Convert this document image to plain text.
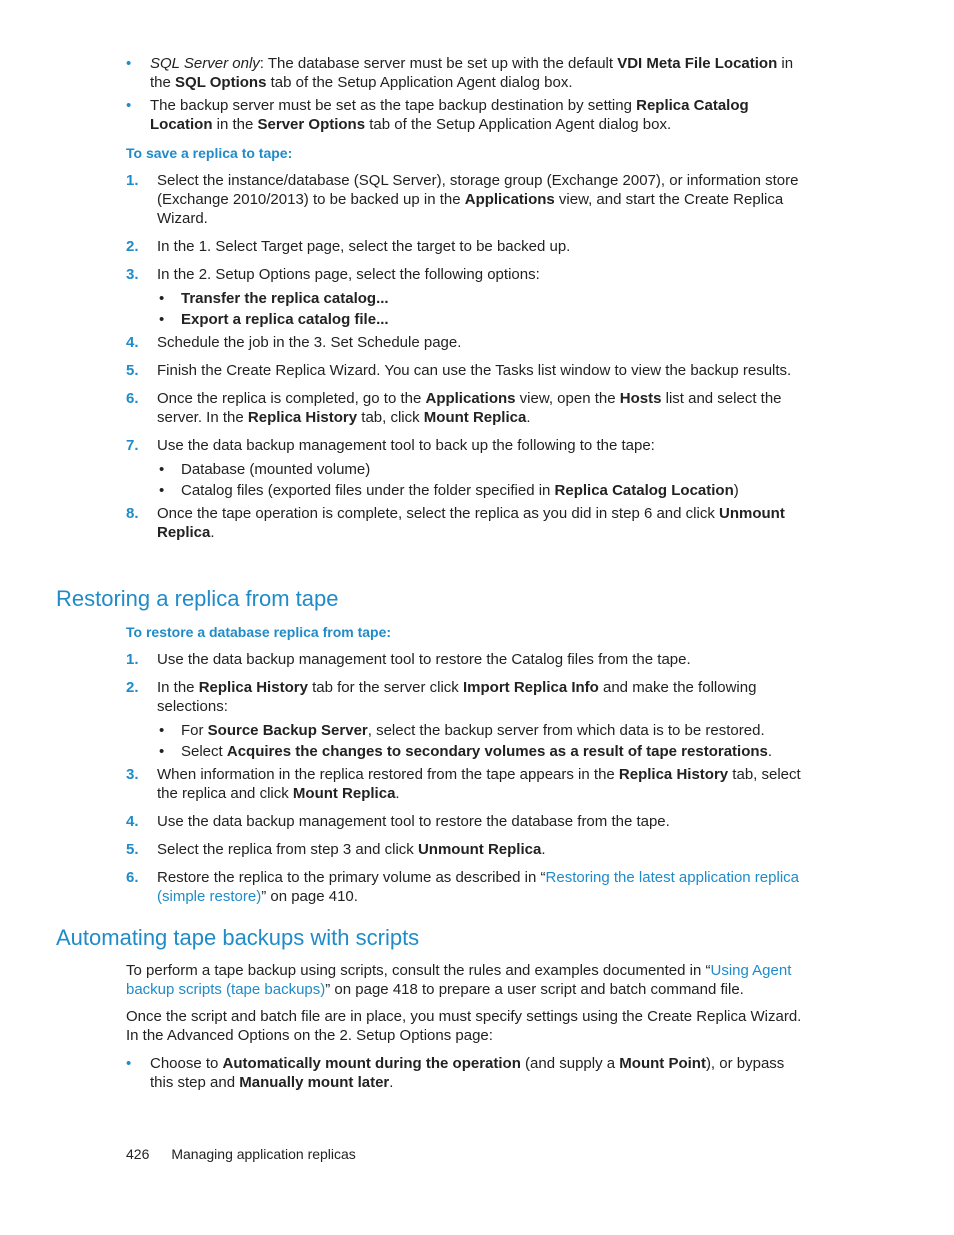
• SQL Server only: The database server must be set up with the default VDI Meta File Location in the SQL Options tab of the Setup Application Agent dialog box.
• The backup server must be set as the tape backup destination by setting Replica Catalog Location in the Server Options tab of the Setup Application Agent dialog box.
To save a replica to tape:
1. Select the instance/database (SQL Server), storage group (Exchange 2007), or information store (Exchange 2010/2013) to be backed up in the Applications view, and start the Create Replica Wizard.
2. In the 1. Select Target page, select the target to be backed up.
3. In the 2. Setup Options page, select the following options:
• Transfer the replica catalog...
• Export a replica catalog file...
4. Schedule the job in the 3. Set Schedule page.
5. Finish the Create Replica Wizard. You can use the Tasks list window to view the backup results.
6. Once the replica is completed, go to the Applications view, open the Hosts list and select the server. In the Replica History tab, click Mount Replica.
7. Use the data backup management tool to back up the following to the tape:
• Database (mounted volume)
• Catalog files (exported files under the folder specified in Replica Catalog Location)
8. Once the tape operation is complete, select the replica as you did in step 6 and click Unmount Replica.
Restoring a replica from tape
To restore a database replica from tape:
1. Use the data backup management tool to restore the Catalog files from the tape.
2. In the Replica History tab for the server click Import Replica Info and make the following selections:
• For Source Backup Server, select the backup server from which data is to be restored.
• Select Acquires the changes to secondary volumes as a result of tape restorations.
3. When information in the replica restored from the tape appears in the Replica History tab, select the replica and click Mount Replica.
4. Use the data backup management tool to restore the database from the tape.
5. Select the replica from step 3 and click Unmount Replica.
6. Restore the replica to the primary volume as described in “Restoring the latest application replica (simple restore)” on page 410.
Automating tape backups with scripts
To perform a tape backup using scripts, consult the rules and examples documented in “Using Agent backup scripts (tape backups)” on page 418 to prepare a user script and batch command file.
Once the script and batch file are in place, you must specify settings using the Create Replica Wizard. In the Advanced Options on the 2. Setup Options page:
• Choose to Automatically mount during the operation (and supply a Mount Point), or bypass this step and Manually mount later.
426 Managing application replicas
